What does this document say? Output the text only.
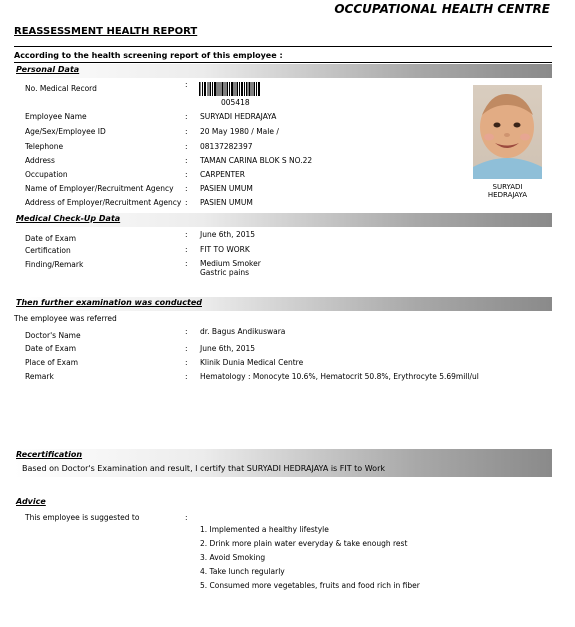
OCCUPATIONAL HEALTH CENTRE
REASSESSMENT HEALTH REPORT
According to the health screening report of this employee :
Personal Data
No. Medical Record	:
005418
Employee Name	: SURYADI HEDRAJAYA
Age/Sex/Employee ID	: 20 May 1980 / Male /
Telephone	: 08137282397
Address	: TAMAN CARINA BLOK S NO.22
Occupation	: CARPENTER
Name of Employer/Recruitment Agency : PASIEN UMUM
Address of Employer/Recruitment Agency : PASIEN UMUM
SURYADI
HEDRAJAYA
Medical Check-Up Data
Date of Exam	: June 6th, 2015
Certification	: FIT TO WORK
Finding/Remark	: Medium Smoker
Gastric pains
Then further examination was conducted
The employee was referred
Doctor's Name	: dr. Bagus Andikuswara
Date of Exam	: June 6th, 2015
Place of Exam	: Klinik Dunia Medical Centre
Remark	: Hematology : Monocyte 10.6%, Hematocrit 50.8%, Erythrocyte 5.69mill/ul
Recertification
Based on Doctor's Examination and result, I certify that SURYADI HEDRAJAYA is FIT to Work
Advice
This employee is suggested to	:
1. Implemented a healthy lifestyle
2. Drink more plain water everyday & take enough rest
3. Avoid Smoking
4. Take lunch regularly
5. Consumed more vegetables, fruits and food rich in fiber
